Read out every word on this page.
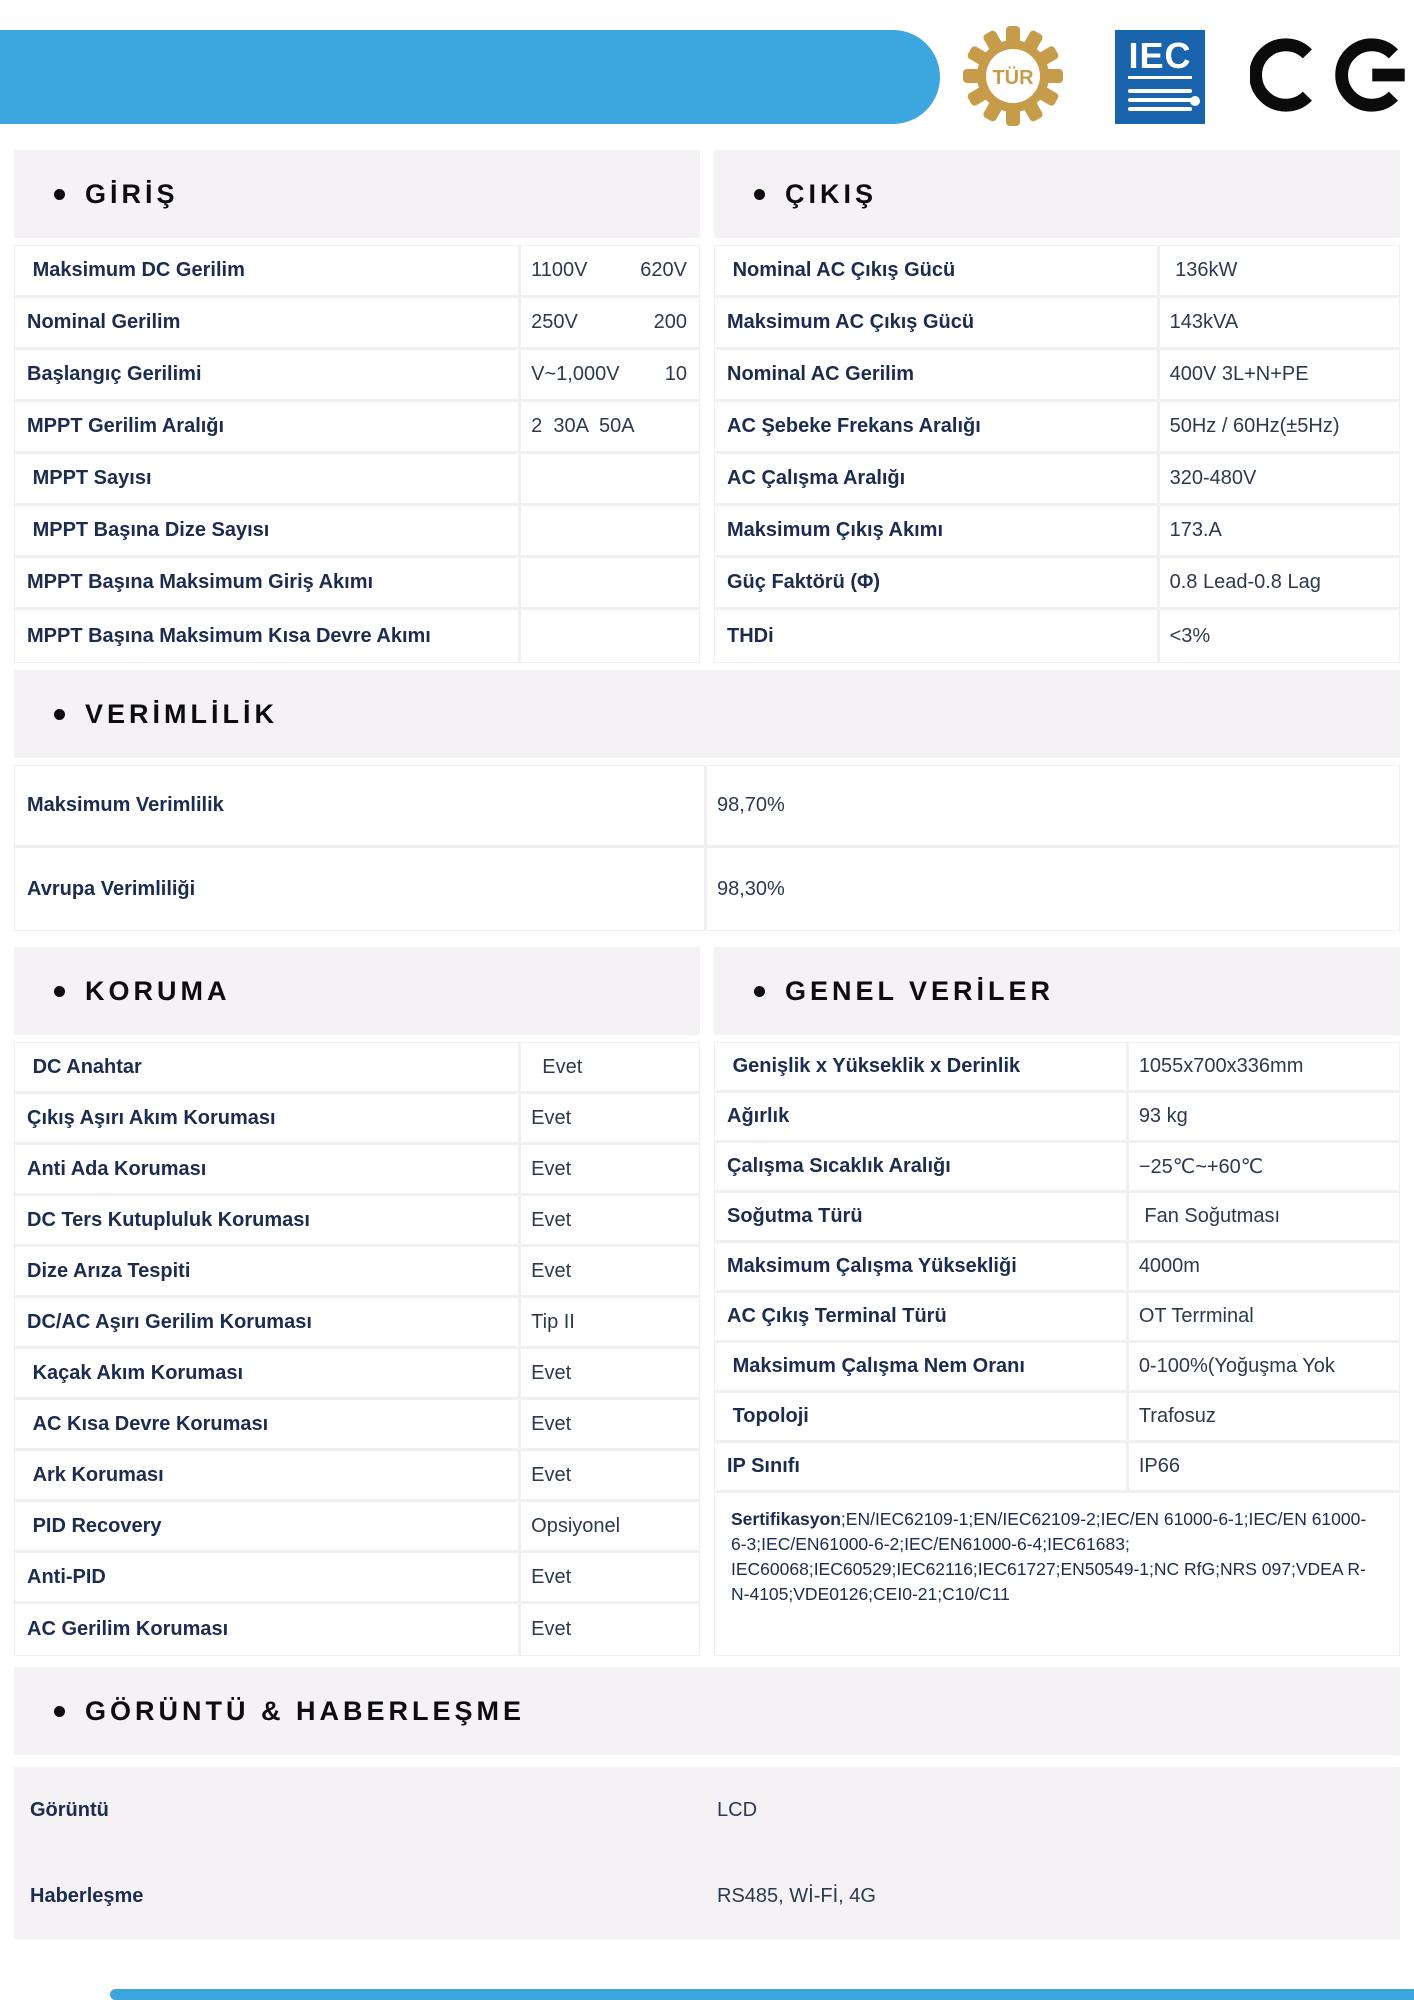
TÜR
IEC
GİRİŞ
Maksimum DC Gerilim	1100V	620V
Nominal Gerilim	250V	200
Başlangıç Gerilimi	V~1,000V 10
MPPT Gerilim Aralığı	2  30A  50A
MPPT Sayısı
MPPT Başına Dize Sayısı
MPPT Başına Maksimum Giriş Akımı
MPPT Başına Maksimum Kısa Devre Akımı
ÇIKIŞ
Nominal AC Çıkış Gücü	136kW
Maksimum AC Çıkış Gücü	143kVA
Nominal AC Gerilim	400V 3L+N+PE
AC Şebeke Frekans Aralığı	50Hz / 60Hz(±5Hz)
AC Çalışma Aralığı	320-480V
Maksimum Çıkış Akımı	173.A
Güç Faktörü (Φ)	0.8 Lead-0.8 Lag
THDi	<3%
VERİMLİLİK
Maksimum Verimlilik	98,70%
Avrupa Verimliliği	98,30%
KORUMA
DC Anahtar	Evet
Çıkış Aşırı Akım Koruması	Evet
Anti Ada Koruması	Evet
DC Ters Kutupluluk Koruması	Evet
Dize Arıza Tespiti	Evet
DC/AC Aşırı Gerilim Koruması	Tip II
Kaçak Akım Koruması	Evet
AC Kısa Devre Koruması	Evet
Ark Koruması	Evet
PID Recovery	Opsiyonel
Anti-PID	Evet
AC Gerilim Koruması	Evet
GENEL VERİLER
Genişlik x Yükseklik x Derinlik	1055x700x336mm
Ağırlık	93 kg
Çalışma Sıcaklık Aralığı	−25℃~+60℃
Soğutma Türü	Fan Soğutması
Maksimum Çalışma Yüksekliği	4000m
AC Çıkış Terminal Türü	OT Terrminal
Maksimum Çalışma Nem Oranı	0-100%(Yoğuşma Yok
Topoloji	Trafosuz
IP Sınıfı	IP66
Sertifikasyon;EN/IEC62109-1;EN/IEC62109-2;IEC/EN 61000-6-1;IEC/EN 61000-6-3;IEC/EN61000-6-2;IEC/EN61000-6-4;IEC61683; IEC60068;IEC60529;IEC62116;IEC61727;EN50549-1;NC RfG;NRS 097;VDEA R-N-4105;VDE0126;CEI0-21;C10/C11
GÖRÜNTÜ & HABERLEŞME
Görüntü	LCD
Haberleşme	RS485, Wİ-Fİ, 4G
